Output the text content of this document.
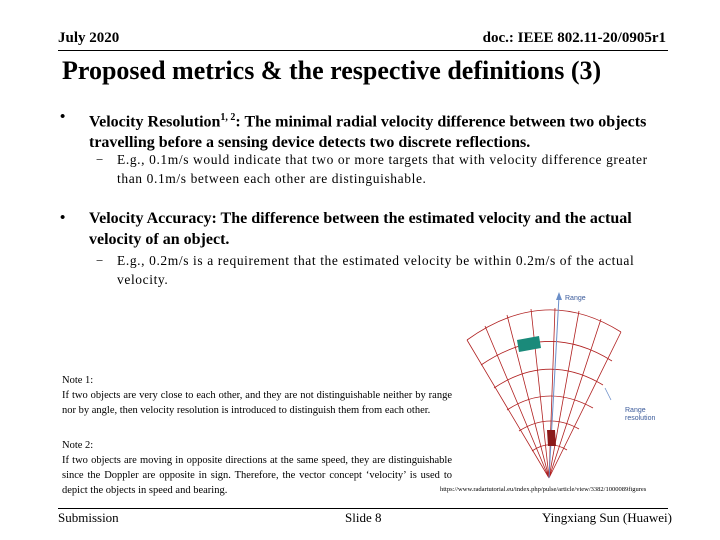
July 2020	doc.: IEEE 802.11-20/0905r1
Proposed metrics & the respective definitions (3)
• Velocity Resolution$^{1, 2}$: The minimal radial velocity difference between two objects travelling before a sensing device detects two discrete reflections.
− E.g., 0.1m/s would indicate that two or more targets that with velocity difference greater than 0.1m/s between each other are distinguishable.
• Velocity Accuracy: The difference between the estimated velocity and the actual velocity of an object.
− E.g., 0.2m/s is a requirement that the estimated velocity be within 0.2m/s of the actual velocity.
Note 1:
If two objects are very close to each other, and they are not distinguishable neither by range nor by angle, then velocity resolution is introduced to distinguish them from each other.
Note 2:
If two objects are moving in opposite directions at the same speed, they are distinguishable since the Doppler are opposite in sign. Therefore, the vector concept ‘velocity’ is used to depict the objects in speed and bearing.
Range
Range
resolution
https://www.radartutorial.eu/index.php/pulse/article/view/3382/1000089figures
Submission	Slide 8	Yingxiang Sun (Huawei)
